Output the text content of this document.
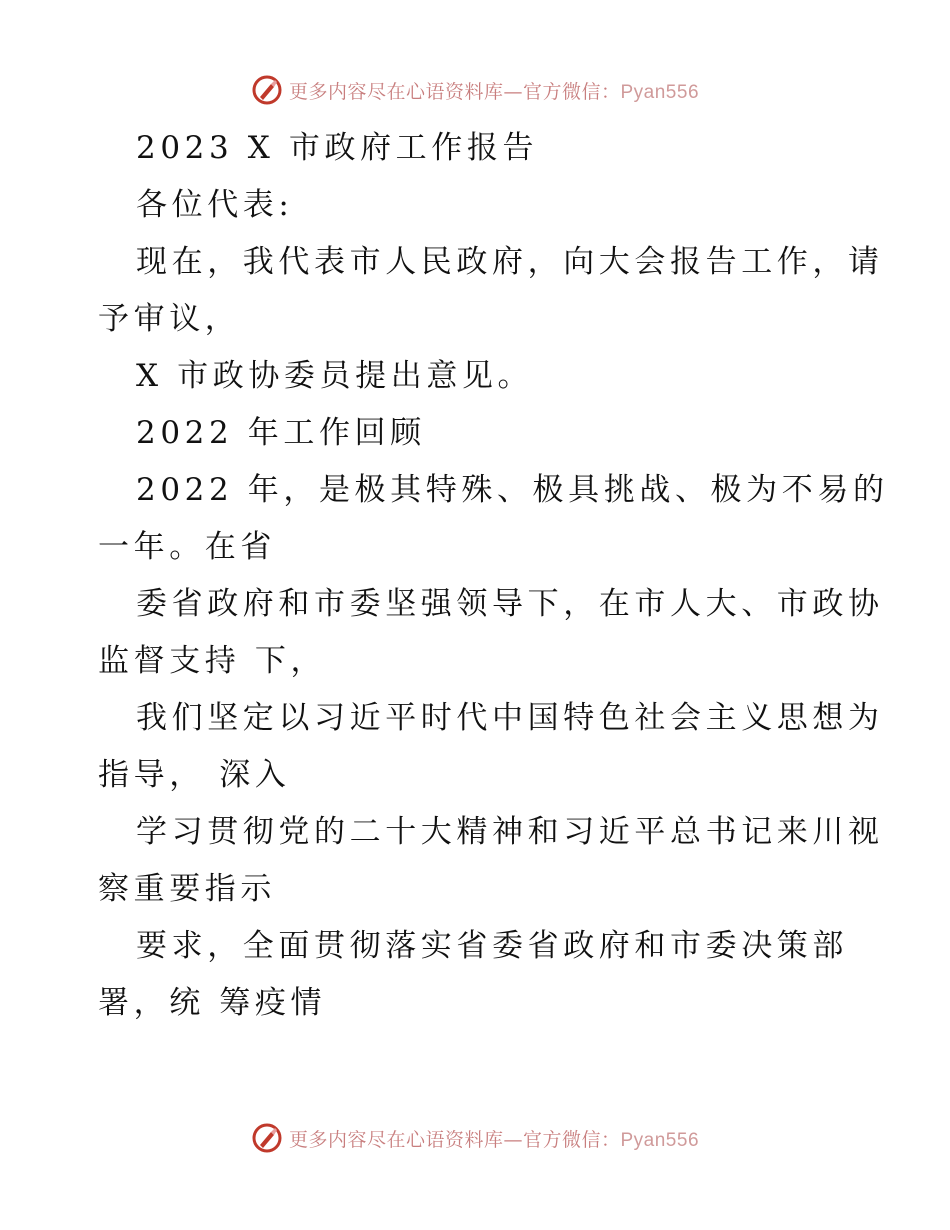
更多内容尽在心语资料库—官方微信：Pyan556
2023 X 市政府工作报告
各位代表:
现在，我代表市人民政府，向大会报告工作，请
予审议，
X 市政协委员提出意见。
2022 年工作回顾
2022 年，是极其特殊、极具挑战、极为不易的
一年。在省
委省政府和市委坚强领导下，在市人大、市政协
监督支持 下，
我们坚定以习近平时代中国特色社会主义思想为
指导， 深入
学习贯彻党的二十大精神和习近平总书记来川视
察重要指示
要求，全面贯彻落实省委省政府和市委决策部
署，统 筹疫情
更多内容尽在心语资料库—官方微信：Pyan556
